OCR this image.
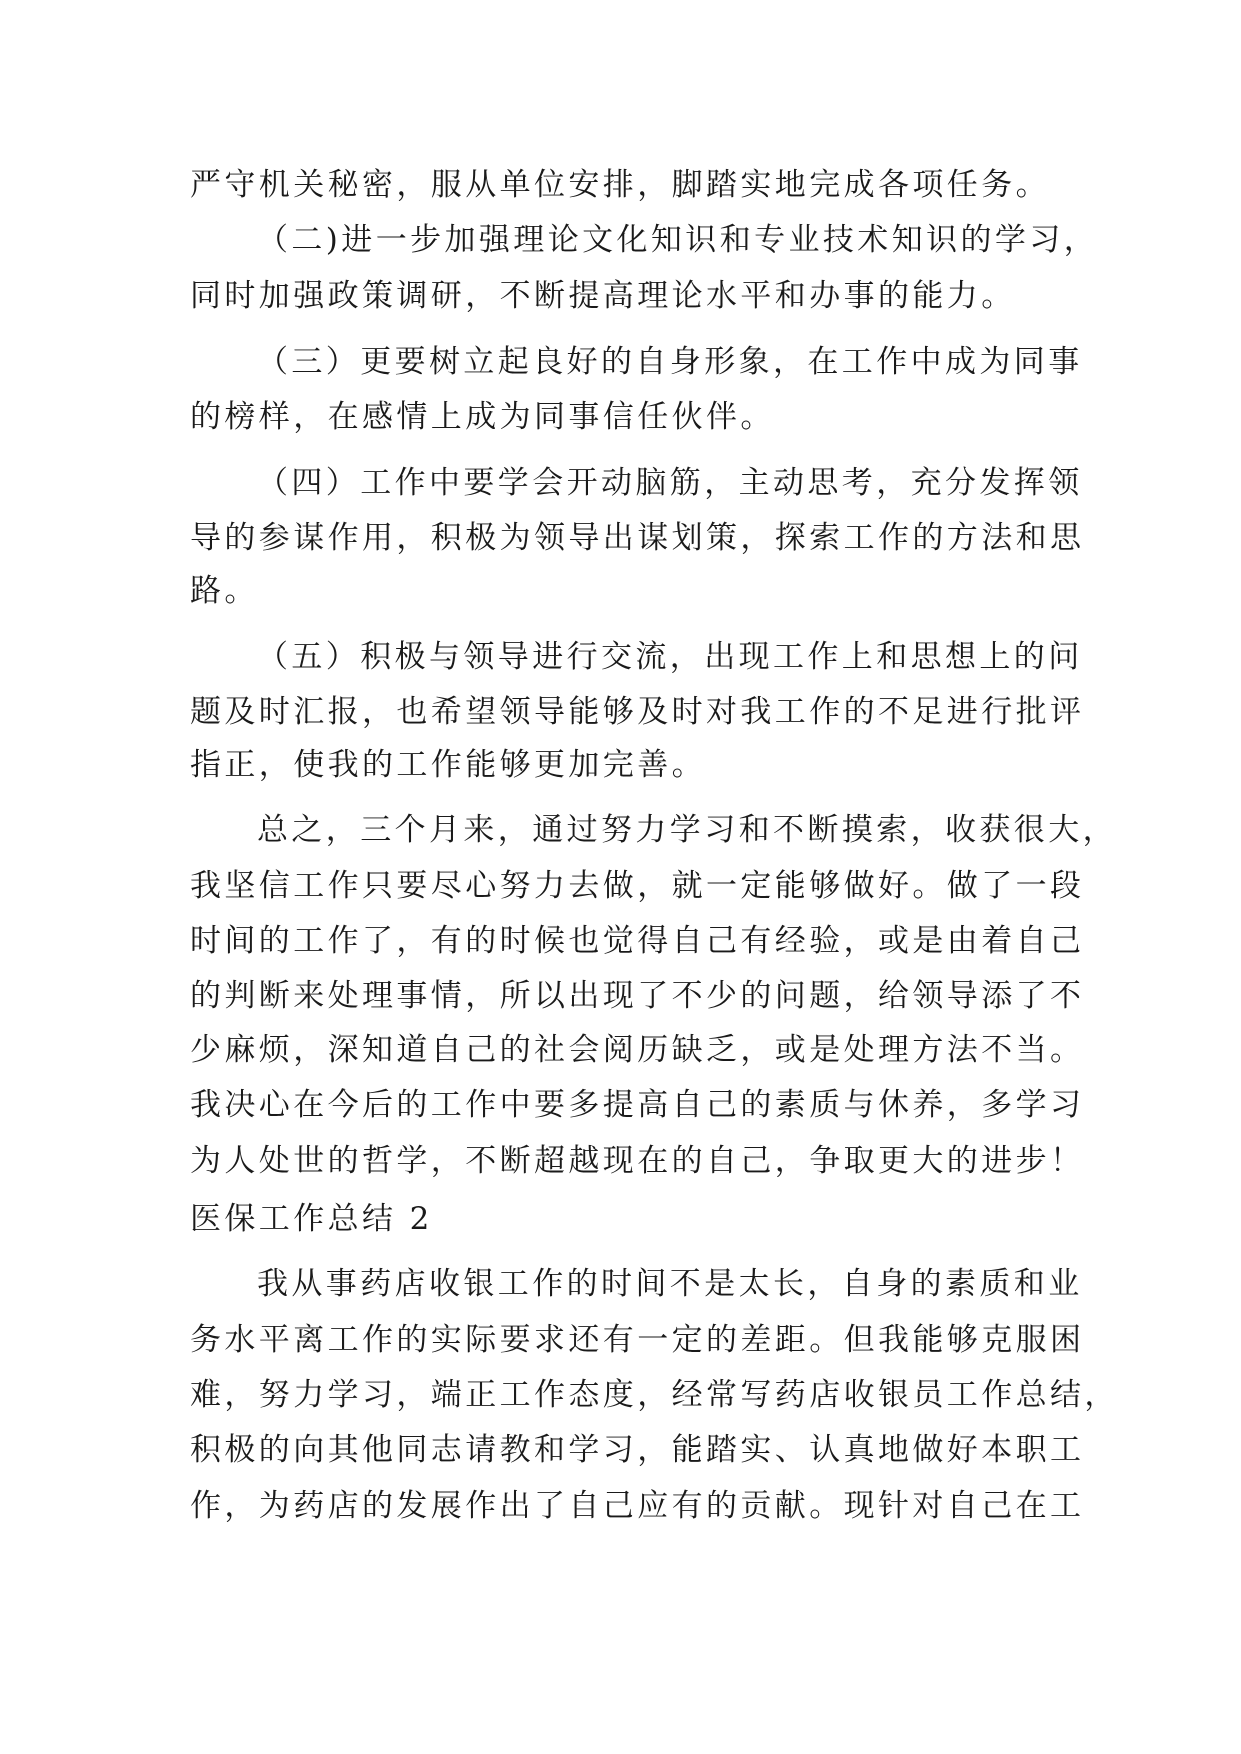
严守机关秘密，服从单位安排，脚踏实地完成各项任务。
（二)进一步加强理论文化知识和专业技术知识的学习，
同时加强政策调研，不断提高理论水平和办事的能力。
（三）更要树立起良好的自身形象，在工作中成为同事
的榜样，在感情上成为同事信任伙伴。
（四）工作中要学会开动脑筋，主动思考，充分发挥领
导的参谋作用，积极为领导出谋划策，探索工作的方法和思
路。
（五）积极与领导进行交流，出现工作上和思想上的问
题及时汇报，也希望领导能够及时对我工作的不足进行批评
指正，使我的工作能够更加完善。
总之，三个月来，通过努力学习和不断摸索，收获很大，
我坚信工作只要尽心努力去做，就一定能够做好。做了一段
时间的工作了，有的时候也觉得自己有经验，或是由着自己
的判断来处理事情，所以出现了不少的问题，给领导添了不
少麻烦，深知道自己的社会阅历缺乏，或是处理方法不当。
我决心在今后的工作中要多提高自己的素质与休养，多学习
为人处世的哲学，不断超越现在的自己，争取更大的进步！
医保工作总结 2
我从事药店收银工作的时间不是太长，自身的素质和业
务水平离工作的实际要求还有一定的差距。但我能够克服困
难，努力学习，端正工作态度，经常写药店收银员工作总结，
积极的向其他同志请教和学习，能踏实、认真地做好本职工
作，为药店的发展作出了自己应有的贡献。现针对自己在工
